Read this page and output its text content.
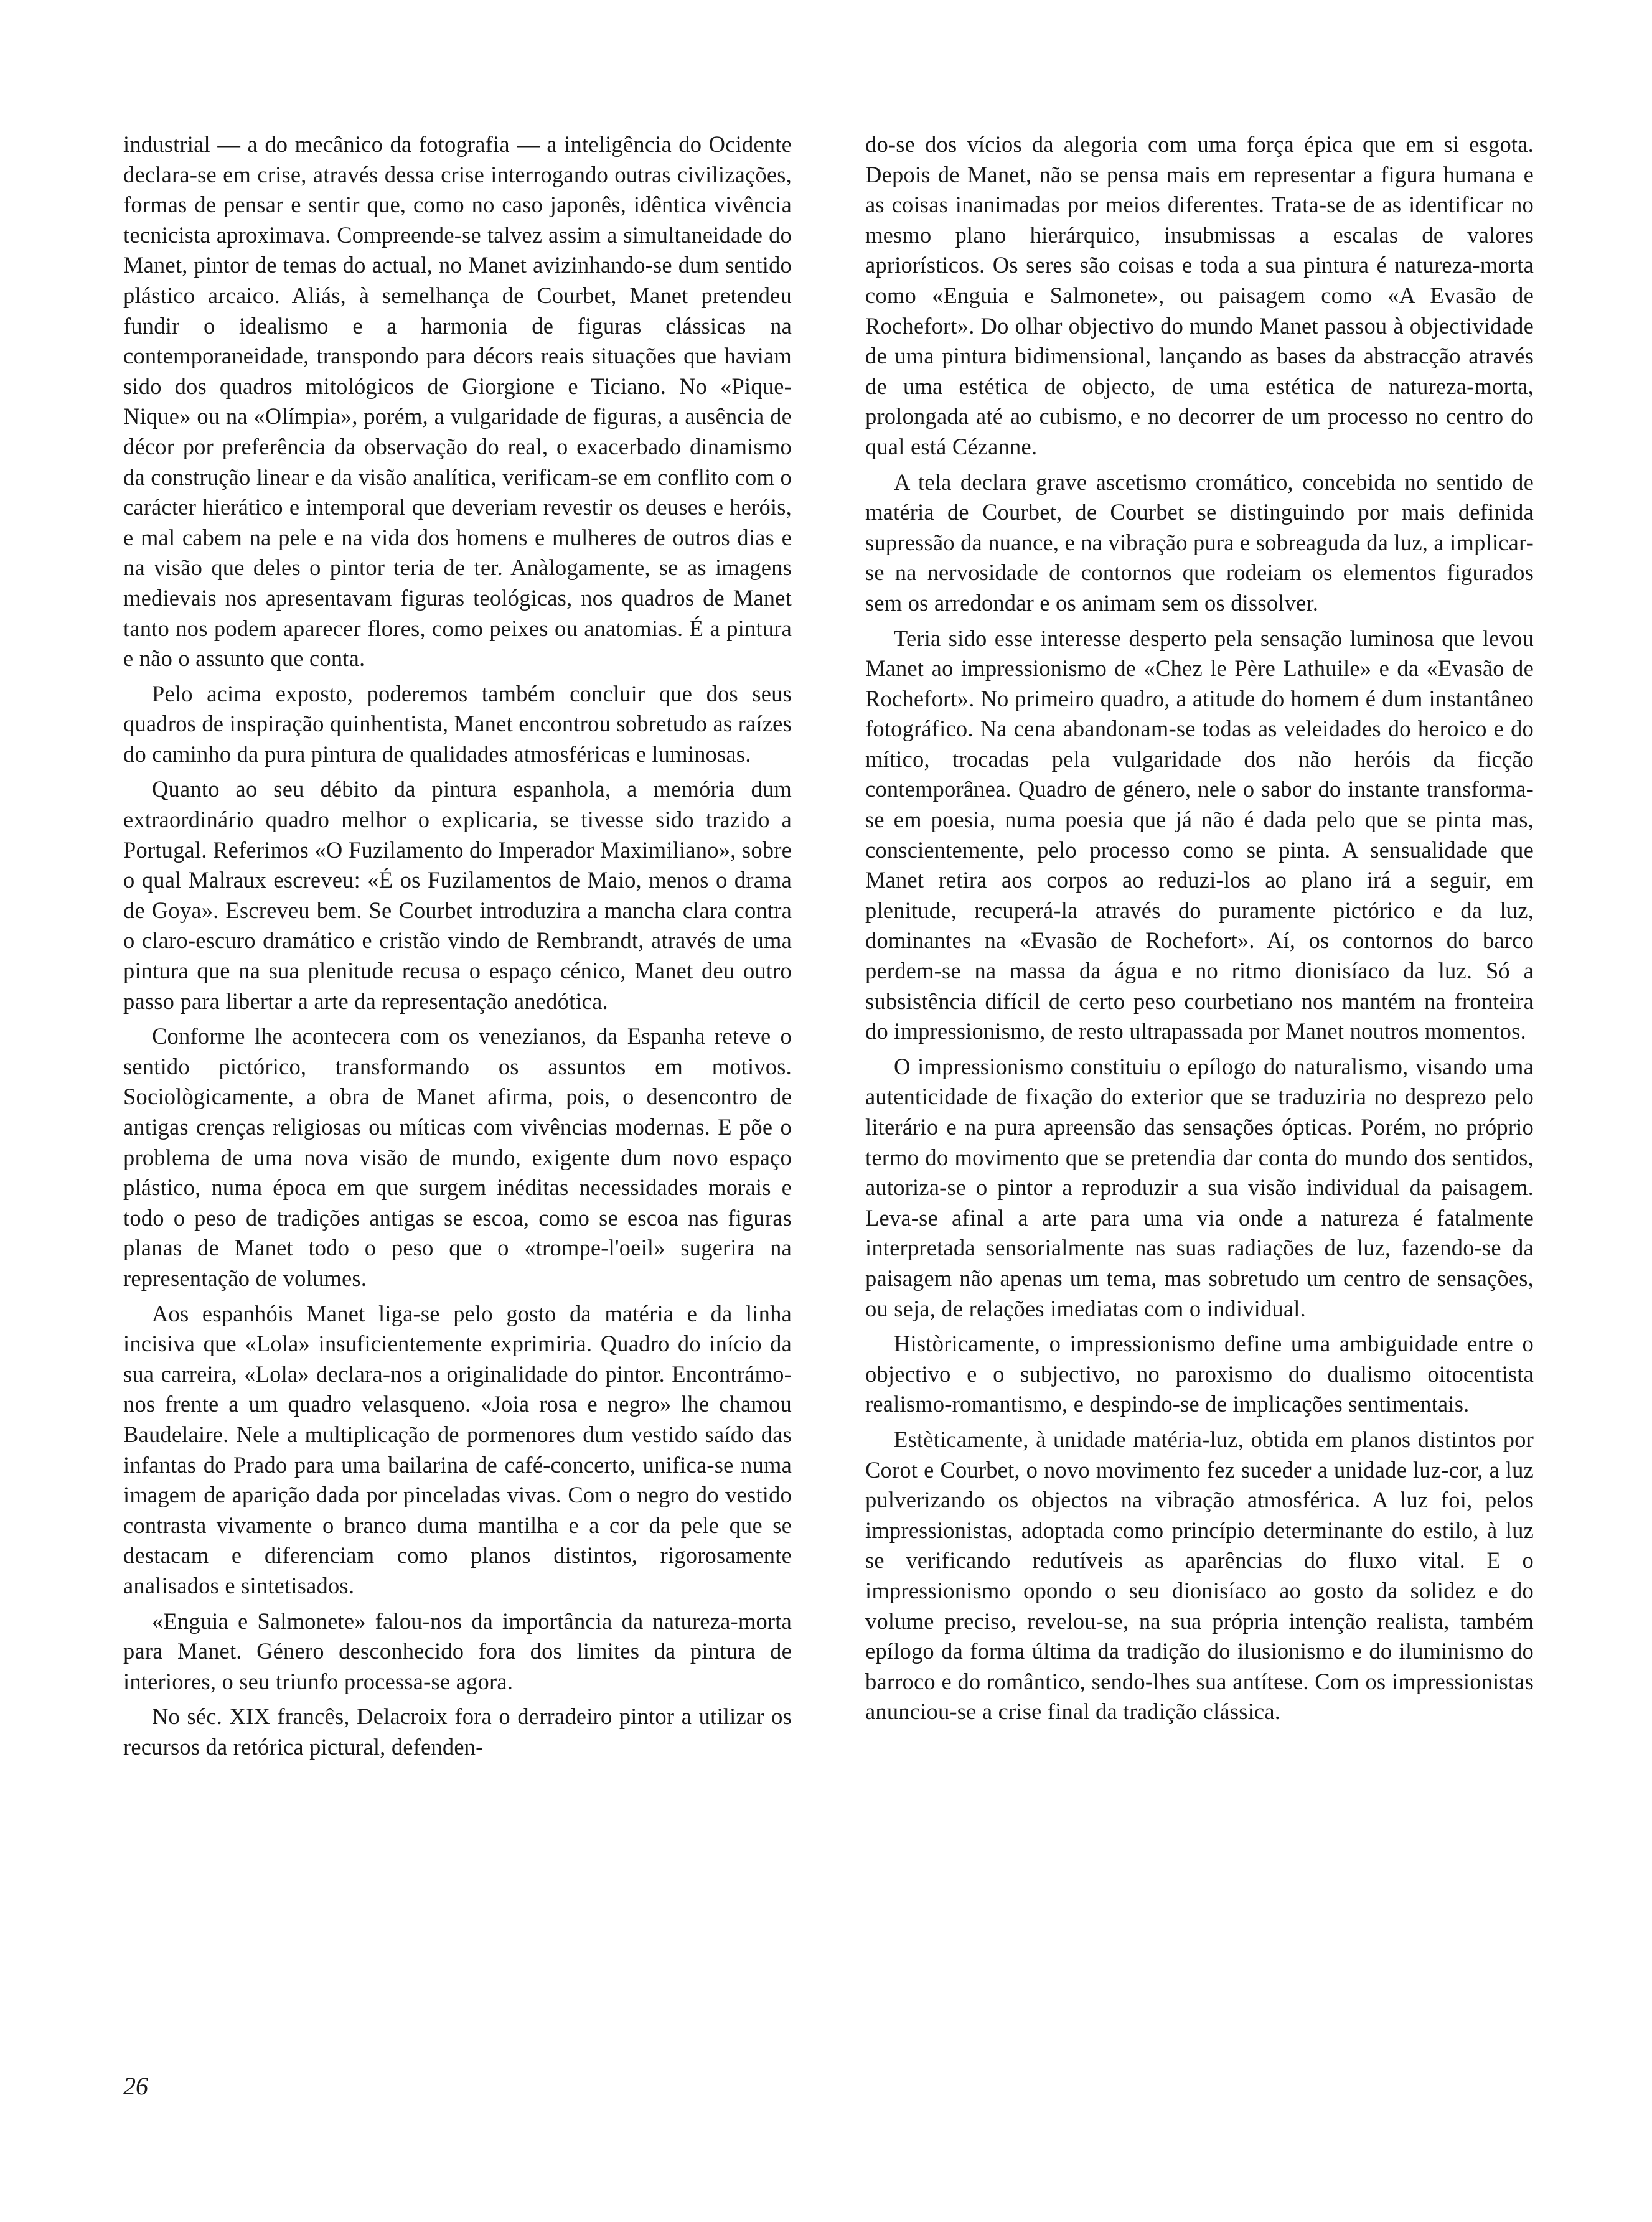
industrial — a do mecânico da fotografia — a inteligência do Ocidente declara-se em crise, através dessa crise interrogando outras civilizações, formas de pensar e sentir que, como no caso japonês, idêntica vivência tecnicista aproximava. Compreende-se talvez assim a simultaneidade do Manet, pintor de temas do actual, no Manet avizinhando-se dum sentido plástico arcaico. Aliás, à semelhança de Courbet, Manet pretendeu fundir o idealismo e a harmonia de figuras clássicas na contemporaneidade, transpondo para décors reais situações que haviam sido dos quadros mitológicos de Giorgione e Ticiano. No «Pique-Nique» ou na «Olímpia», porém, a vulgaridade de figuras, a ausência de décor por preferência da observação do real, o exacerbado dinamismo da construção linear e da visão analítica, verificam-se em conflito com o carácter hierático e intemporal que deveriam revestir os deuses e heróis, e mal cabem na pele e na vida dos homens e mulheres de outros dias e na visão que deles o pintor teria de ter. Anàlogamente, se as imagens medievais nos apresentavam figuras teológicas, nos quadros de Manet tanto nos podem aparecer flores, como peixes ou anatomias. É a pintura e não o assunto que conta.

Pelo acima exposto, poderemos também concluir que dos seus quadros de inspiração quinhentista, Manet encontrou sobretudo as raízes do caminho da pura pintura de qualidades atmosféricas e luminosas.

Quanto ao seu débito da pintura espanhola, a memória dum extraordinário quadro melhor o explicaria, se tivesse sido trazido a Portugal. Referimos «O Fuzilamento do Imperador Maximiliano», sobre o qual Malraux escreveu: «É os Fuzilamentos de Maio, menos o drama de Goya». Escreveu bem. Se Courbet introduzira a mancha clara contra o claro-escuro dramático e cristão vindo de Rembrandt, através de uma pintura que na sua plenitude recusa o espaço cénico, Manet deu outro passo para libertar a arte da representação anedótica.

Conforme lhe acontecera com os venezianos, da Espanha reteve o sentido pictórico, transformando os assuntos em motivos. Sociològicamente, a obra de Manet afirma, pois, o desencontro de antigas crenças religiosas ou míticas com vivências modernas. E põe o problema de uma nova visão de mundo, exigente dum novo espaço plástico, numa época em que surgem inéditas necessidades morais e todo o peso de tradições antigas se escoa, como se escoa nas figuras planas de Manet todo o peso que o «trompe-l'oeil» sugerira na representação de volumes.

Aos espanhóis Manet liga-se pelo gosto da matéria e da linha incisiva que «Lola» insuficientemente exprimiria. Quadro do início da sua carreira, «Lola» declara-nos a originalidade do pintor. Encontrámo-nos frente a um quadro velasqueno. «Joia rosa e negro» lhe chamou Baudelaire. Nele a multiplicação de pormenores dum vestido saído das infantas do Prado para uma bailarina de café-concerto, unifica-se numa imagem de aparição dada por pinceladas vivas. Com o negro do vestido contrasta vivamente o branco duma mantilha e a cor da pele que se destacam e diferenciam como planos distintos, rigorosamente analisados e sintetisados.

«Enguia e Salmonete» falou-nos da importância da natureza-morta para Manet. Género desconhecido fora dos limites da pintura de interiores, o seu triunfo processa-se agora.

No séc. XIX francês, Delacroix fora o derradeiro pintor a utilizar os recursos da retórica pictural, defenden-

do-se dos vícios da alegoria com uma força épica que em si esgota. Depois de Manet, não se pensa mais em representar a figura humana e as coisas inanimadas por meios diferentes. Trata-se de as identificar no mesmo plano hierárquico, insubmissas a escalas de valores apriorísticos. Os seres são coisas e toda a sua pintura é natureza-morta como «Enguia e Salmonete», ou paisagem como «A Evasão de Rochefort». Do olhar objectivo do mundo Manet passou à objectividade de uma pintura bidimensional, lançando as bases da abstracção através de uma estética de objecto, de uma estética de natureza-morta, prolongada até ao cubismo, e no decorrer de um processo no centro do qual está Cézanne.

A tela declara grave ascetismo cromático, concebida no sentido de matéria de Courbet, de Courbet se distinguindo por mais definida supressão da nuance, e na vibração pura e sobreaguda da luz, a implicar-se na nervosidade de contornos que rodeiam os elementos figurados sem os arredondar e os animam sem os dissolver.

Teria sido esse interesse desperto pela sensação luminosa que levou Manet ao impressionismo de «Chez le Père Lathuile» e da «Evasão de Rochefort». No primeiro quadro, a atitude do homem é dum instantâneo fotográfico. Na cena abandonam-se todas as veleidades do heroico e do mítico, trocadas pela vulgaridade dos não heróis da ficção contemporânea. Quadro de género, nele o sabor do instante transforma-se em poesia, numa poesia que já não é dada pelo que se pinta mas, conscientemente, pelo processo como se pinta. A sensualidade que Manet retira aos corpos ao reduzi-los ao plano irá a seguir, em plenitude, recuperá-la através do puramente pictórico e da luz, dominantes na «Evasão de Rochefort». Aí, os contornos do barco perdem-se na massa da água e no ritmo dionisíaco da luz. Só a subsistência difícil de certo peso courbetiano nos mantém na fronteira do impressionismo, de resto ultrapassada por Manet noutros momentos.

O impressionismo constituiu o epílogo do naturalismo, visando uma autenticidade de fixação do exterior que se traduziria no desprezo pelo literário e na pura apreensão das sensações ópticas. Porém, no próprio termo do movimento que se pretendia dar conta do mundo dos sentidos, autoriza-se o pintor a reproduzir a sua visão individual da paisagem. Leva-se afinal a arte para uma via onde a natureza é fatalmente interpretada sensorialmente nas suas radiações de luz, fazendo-se da paisagem não apenas um tema, mas sobretudo um centro de sensações, ou seja, de relações imediatas com o individual.

Històricamente, o impressionismo define uma ambiguidade entre o objectivo e o subjectivo, no paroxismo do dualismo oitocentista realismo-romantismo, e despindo-se de implicações sentimentais.

Estèticamente, à unidade matéria-luz, obtida em planos distintos por Corot e Courbet, o novo movimento fez suceder a unidade luz-cor, a luz pulverizando os objectos na vibração atmosférica. A luz foi, pelos impressionistas, adoptada como princípio determinante do estilo, à luz se verificando redutíveis as aparências do fluxo vital. E o impressionismo opondo o seu dionisíaco ao gosto da solidez e do volume preciso, revelou-se, na sua própria intenção realista, também epílogo da forma última da tradição do ilusionismo e do iluminismo do barroco e do romântico, sendo-lhes sua antítese. Com os impressionistas anunciou-se a crise final da tradição clássica.

26
